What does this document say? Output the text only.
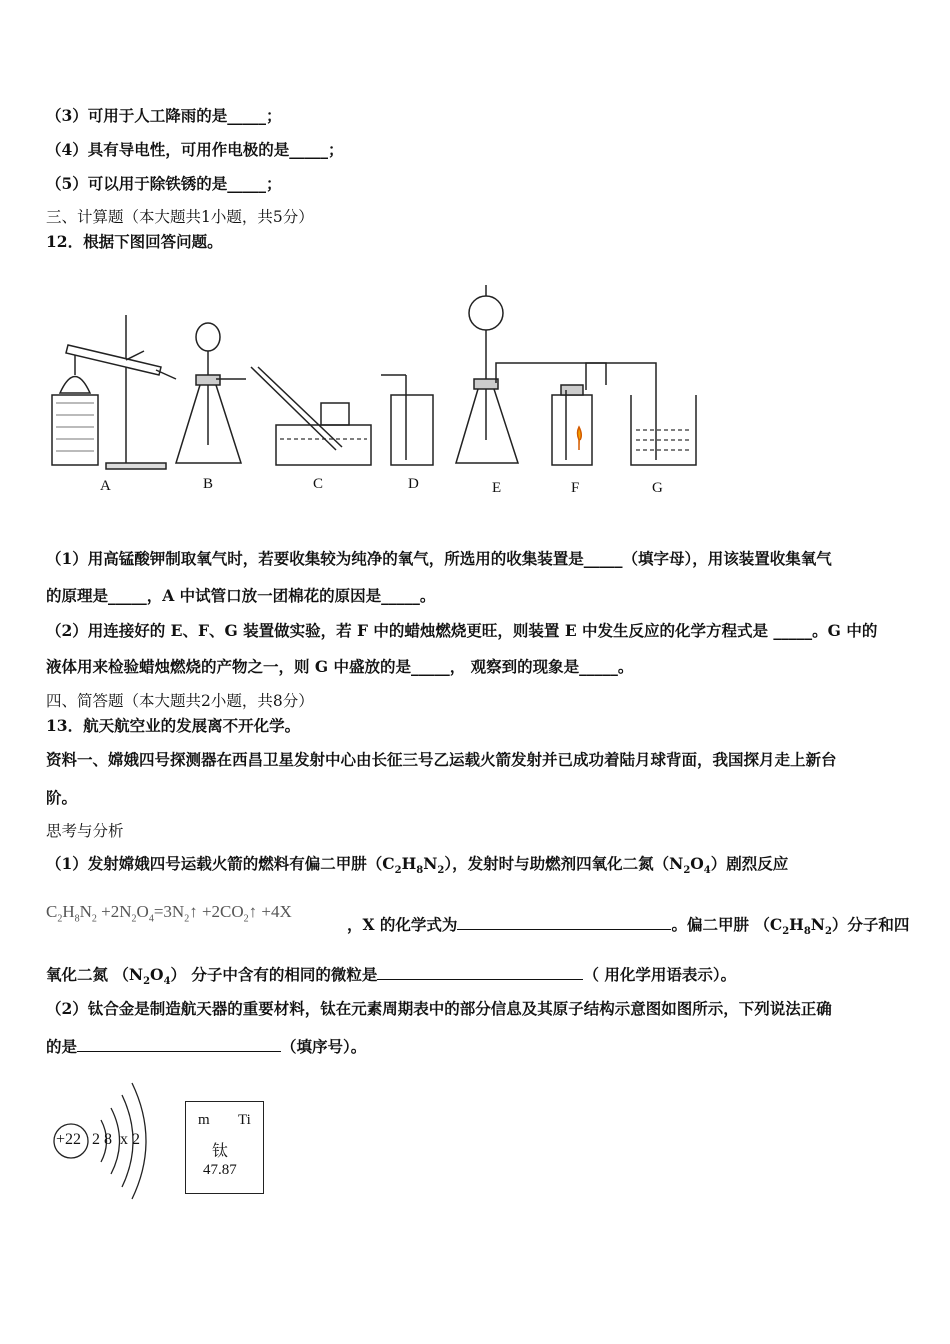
（3）可用于人工降雨的是_____；
（4）具有导电性，可用作电极的是_____；
（5）可以用于除铁锈的是_____；
三、计算题（本大题共1小题，共5分）
12．根据下图回答问题。
A	B	C	D	E	F	G
（1）用高锰酸钾制取氧气时，若要收集较为纯净的氧气，所选用的收集装置是_____（填字母），用该装置收集氧气
的原理是_____，A 中试管口放一团棉花的原因是_____。
（2）用连接好的 E、F、G 装置做实验，若 F 中的蜡烛燃烧更旺，则装置 E 中发生反应的化学方程式是 _____。G 中的
液体用来检验蜡烛燃烧的产物之一，则 G 中盛放的是_____， 观察到的现象是_____。
四、简答题（本大题共2小题，共8分）
13．航天航空业的发展离不开化学。
资料一、嫦娥四号探测器在西昌卫星发射中心由长征三号乙运载火箭发射并已成功着陆月球背面，我国探月走上新台
阶。
思考与分析
（1）发射嫦娥四号运载火箭的燃料有偏二甲肼$(C_2H_8N_2)$，发射时与助燃剂四氧化二氮$(N_2O_4)$剧烈反应
$C_2H_8N_2$ $+2N_2O_4=3N_2↑$ $+2CO_2↑ +4X$
，X 的化学式为	。偏二甲肼 $(C_2H_8N_2)$分子和四
氧化二氮 $(N_2O_4)$ 分子中含有的相同的微粒是	（ 用化学用语表示）。
（2）钛合金是制造航天器的重要材料，钛在元素周期表中的部分信息及其原子结构示意图如图所示，下列说法正确
的是	（填序号）。
+22 2 8  x 2
m Ti
钛
47.87
